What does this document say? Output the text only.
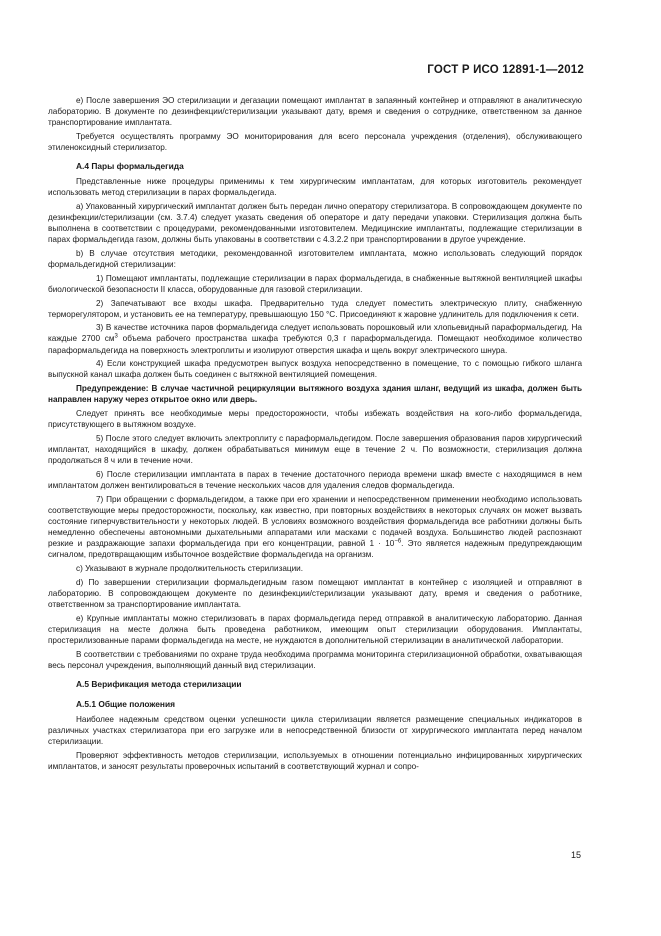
ГОСТ Р ИСО 12891-1—2012

e) После завершения ЭО стерилизации и дегазации помещают имплантат в запаянный контейнер и отправляют в аналитическую лабораторию. В документе по дезинфекции/стерилизации указывают дату, время и сведения о сотруднике, ответственном за данное транспортирование имплантата.

Требуется осуществлять программу ЭО мониторирования для всего персонала учреждения (отделения), обслуживающего этиленоксидный стерилизатор.

А.4 Пары формальдегида

Представленные ниже процедуры применимы к тем хирургическим имплантатам, для которых изготовитель рекомендует использовать метод стерилизации в парах формальдегида.

а) Упакованный хирургический имплантат должен быть передан лично оператору стерилизатора. В сопровождающем документе по дезинфекции/стерилизации (см. 3.7.4) следует указать сведения об операторе и дату передачи упаковки. Стерилизация должна быть выполнена в соответствии с процедурами, рекомендованными изготовителем. Медицинские имплантаты, подлежащие стерилизации в парах формальдегида газом, должны быть упакованы в соответствии с 4.3.2.2 при транспортировании в другое учреждение.

b) В случае отсутствия методики, рекомендованной изготовителем имплантата, можно использовать следующий порядок формальдегидной стерилизации:

1) Помещают имплантаты, подлежащие стерилизации в парах формальдегида, в снабженные вытяжной вентиляцией шкафы биологической безопасности II класса, оборудованные для газовой стерилизации.

2) Запечатывают все входы шкафа. Предварительно туда следует поместить электрическую плиту, снабженную терморегулятором, и установить ее на температуру, превышающую 150 °С. Присоединяют к жаровне удлинитель для подключения к сети.

3) В качестве источника паров формальдегида следует использовать порошковый или хлопьевидный параформальдегид. На каждые 2700 $см^3$ объема рабочего пространства шкафа требуются 0,3 г параформальдегида. Помещают необходимое количество параформальдегида на поверхность электроплиты и изолируют отверстия шкафа и щель вокруг электрического шнура.

4) Если конструкцией шкафа предусмотрен выпуск воздуха непосредственно в помещение, то с помощью гибкого шланга выпускной канал шкафа должен быть соединен с вытяжной вентиляцией помещения.

Предупреждение: В случае частичной рециркуляции вытяжного воздуха здания шланг, ведущий из шкафа, должен быть направлен наружу через открытое окно или дверь.

Следует принять все необходимые меры предосторожности, чтобы избежать воздействия на кого-либо формальдегида, присутствующего в вытяжном воздухе.

5) После этого следует включить электроплиту с параформальдегидом. После завершения образования паров хирургический имплантат, находящийся в шкафу, должен обрабатываться минимум еще в течение 2 ч. По возможности, стерилизация должна продолжаться 8 ч или в течение ночи.

6) После стерилизации имплантата в парах в течение достаточного периода времени шкаф вместе с находящимся в нем имплантатом должен вентилироваться в течение нескольких часов для удаления следов формальдегида.

7) При обращении с формальдегидом, а также при его хранении и непосредственном применении необходимо использовать соответствующие меры предосторожности, поскольку, как известно, при повторных воздействиях в некоторых случаях он может вызвать состояние гиперчувствительности у некоторых людей. В условиях возможного воздействия формальдегида все работники должны быть немедленно обеспечены автономными дыхательными аппаратами или масками с подачей воздуха. Большинство людей распознают резкие и раздражающие запахи формальдегида при его концентрации, равной $1 \cdot 10^{-6}$. Это является надежным предупреждающим сигналом, предотвращающим избыточное воздействие формальдегида на организм.

c) Указывают в журнале продолжительность стерилизации.

d) По завершении стерилизации формальдегидным газом помещают имплантат в контейнер с изоляцией и отправляют в лабораторию. В сопровождающем документе по дезинфекции/стерилизации указывают дату, время и сведения о работнике, ответственном за транспортирование имплантата.

e) Крупные имплантаты можно стерилизовать в парах формальдегида перед отправкой в аналитическую лабораторию. Данная стерилизация на месте должна быть проведена работником, имеющим опыт стерилизации оборудования. Имплантаты, простерилизованные парами формальдегида на месте, не нуждаются в дополнительной стерилизации в аналитической лаборатории.

В соответствии с требованиями по охране труда необходима программа мониторинга стерилизационной обработки, охватывающая весь персонал учреждения, выполняющий данный вид стерилизации.

А.5 Верификация метода стерилизации
А.5.1 Общие положения

Наиболее надежным средством оценки успешности цикла стерилизации является размещение специальных индикаторов в различных участках стерилизатора при его загрузке или в непосредственной близости от хирургического имплантата перед началом стерилизации.

Проверяют эффективность методов стерилизации, используемых в отношении потенциально инфицированных хирургических имплантатов, и заносят результаты проверочных испытаний в соответствующий журнал и сопро-

15
